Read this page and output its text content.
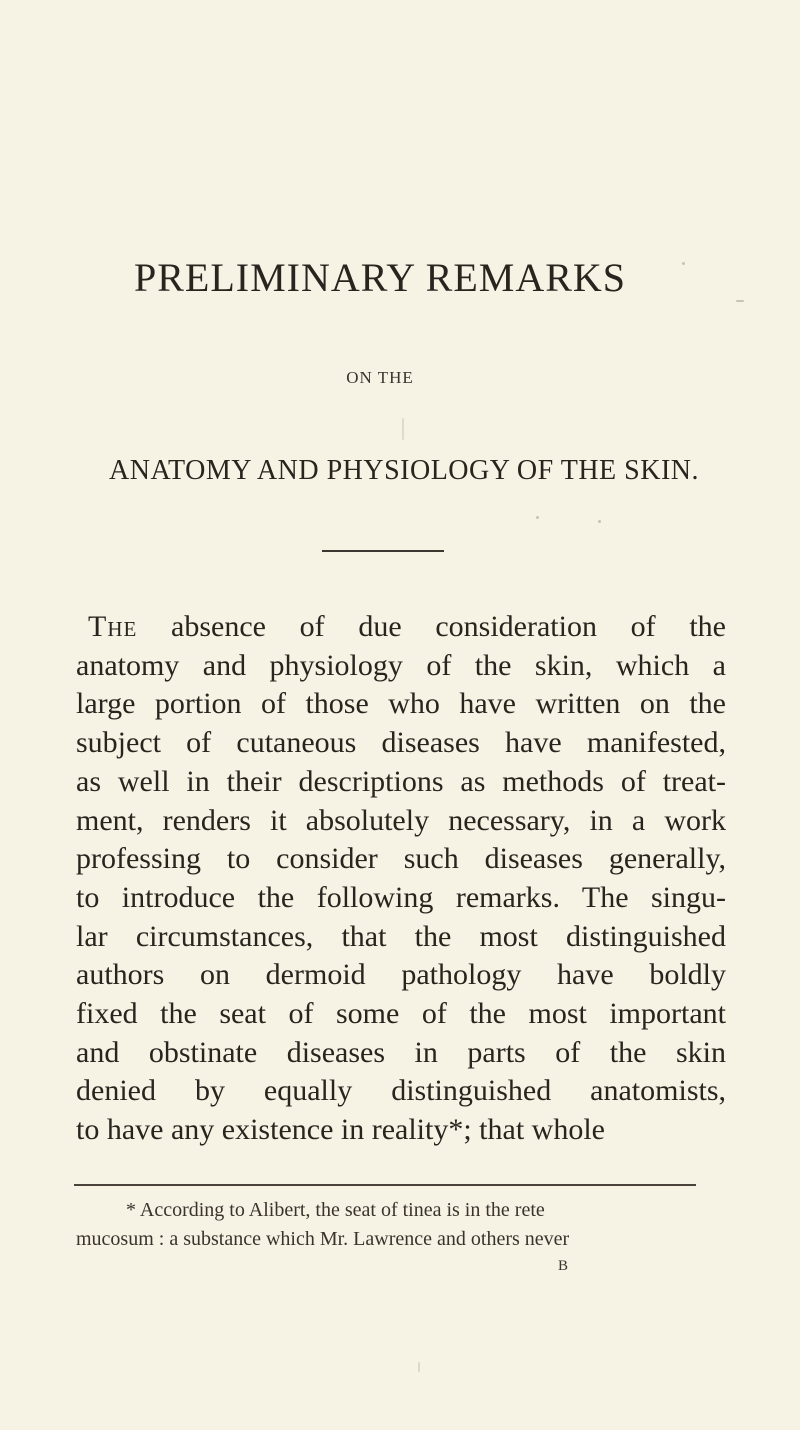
PRELIMINARY REMARKS
ON THE
ANATOMY AND PHYSIOLOGY OF THE SKIN.
The absence of due consideration of the
anatomy and physiology of the skin, which a
large portion of those who have written on the
subject of cutaneous diseases have manifested,
as well in their descriptions as methods of treat-
ment, renders it absolutely necessary, in a work
professing to consider such diseases generally,
to introduce the following remarks. The singu-
lar circumstances, that the most distinguished
authors on dermoid pathology have boldly
fixed the seat of some of the most important
and obstinate diseases in parts of the skin
denied by equally distinguished anatomists,
to have any existence in reality*; that whole
* According to Alibert, the seat of tinea is in the rete
mucosum : a substance which Mr. Lawrence and others never
B
